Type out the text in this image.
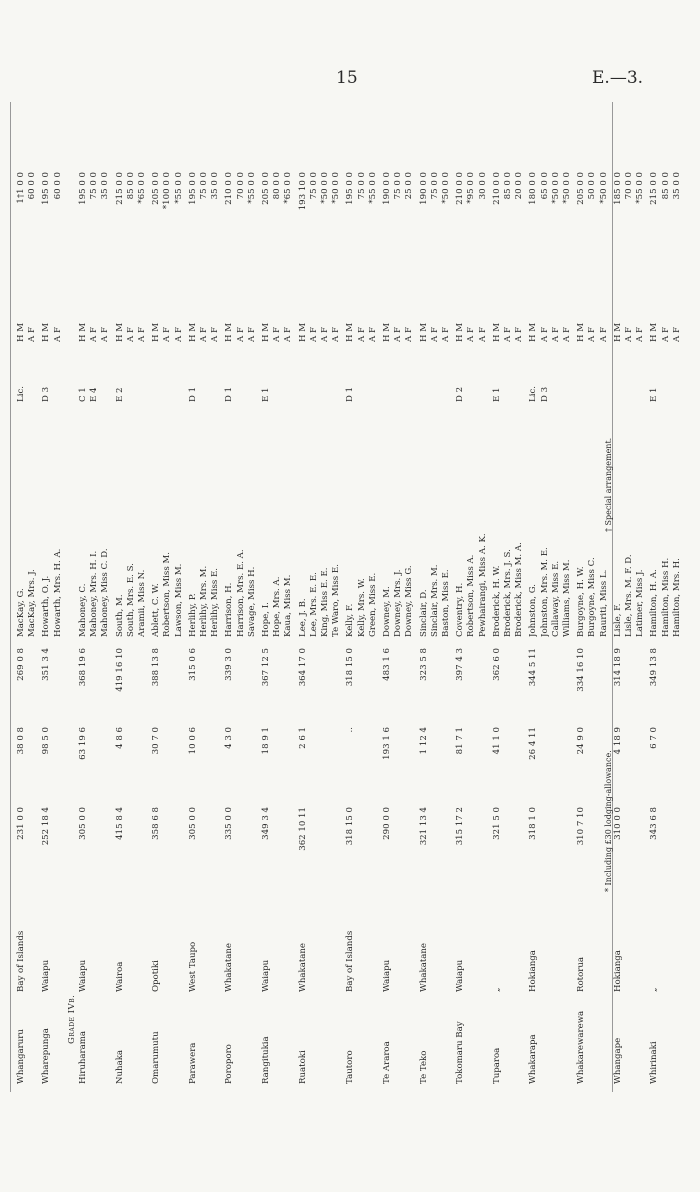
15	E.—3.
Grade IVb.
* Including £30 lodging-allowance.
† Special arrangement.
Whangaruru
Bay of Islands
231 0 0
38 0 8
269 0 8
MacKay, G.
Lic.
H M
1†1 0 0
MacKay, Mrs. J.
A F
60 0 0
Wharepunga
Waiapu
252 18 4
98 5 0
351 3 4
Howarth, O. J.
D 3
H M
195 0 0
Howarth, Mrs. H. A.
A F
60 0 0
Hiruharama
Waiapu
305 0 0
63 19 6
368 19 6
Mahoney, C.
C 1
H M
195 0 0
Mahoney, Mrs. H. I.
E 4
A F
75 0 0
Mahoney, Miss C. D.
A F
35 0 0
Nuhaka
Wairoa
415 8 4
4 8 6
419 16 10
South, M.
E 2
H M
215 0 0
South, Mrs. E. S.
A F
85 0 0
Aramii, Miss N.
A F
*65 0 0
Omarumutu
Opotiki
358 6 8
30 7 0
388 13 8
Ablett, C. W.
H M
205 0 0
Robertson, Miss M.
A F
*100 0 0
Lawson, Miss M.
A F
*55 0 0
Parawera
West Taupo
305 0 0
10 0 6
315 0 6
Herlihy, P.
D 1
H M
195 0 0
Herlihy, Mrs. M.
A F
75 0 0
Herlihy, Miss E.
A F
35 0 0
Poroporo
Whakatane
335 0 0
4 3 0
339 3 0
Harrison, H.
D 1
H M
210 0 0
Harrison, Mrs. E. A.
A F
70 0 0
Savage, Miss H.
A F
*55 0 0
Rangitukia
Waiapu
349 3 4
18 9 1
367 12 5
Hope, I.
E 1
H M
205 0 0
Hope, Mrs. A.
A F
80 0 0
Kaua, Miss M.
A F
*65 0 0
Ruatoki
Whakatane
362 10 11
2 6 1
364 17 0
Lee, J. B.
H M
193 10 0
Lee, Mrs. E. E.
A F
75 0 0
King, Miss E. E.
A F
*50 0 0
Te Waro, Miss E.
A F
*50 0 0
Tautoro
Bay of Islands
318 15 0
..
318 15 0
Kelly, F.
D 1
H M
195 0 0
Kelly, Mrs. W.
A F
75 0 0
Green, Miss E.
A F
*55 0 0
Te Araroa
Waiapu
290 0 0
193 1 6
483 1 6
Downey, M.
H M
190 0 0
Downey, Mrs. J.
A F
75 0 0
Downey, Miss G.
A F
25 0 0
Te Teko
Whakatane
321 13 4
1 12 4
323 5 8
Sinclair, D.
H M
190 0 0
Sinclair, Mrs. M.
A F
75 0 0
Baston, Miss E.
A F
*50 0 0
Tokomaru Bay
Waiapu
315 17 2
81 7 1
397 4 3
Coventry, H.
D 2
H M
210 0 0
Robertson, Miss A.
A F
*95 0 0
Pewhairangi, Miss A. K.
A F
30 0 0
Tuparoa
„
321 5 0
41 1 0
362 6 0
Broderick, H. W.
E 1
H M
210 0 0
Broderick, Mrs. J. S.
A F
85 0 0
Broderick, Miss M. A.
A F
20 0 0
Whakarapa
Hokianga
318 1 0
26 4 11
344 5 11
Johnston, G.
Lic.
H M
180 0 0
Johnston, Mrs. M. E.
D 3
A F
65 0 0
Callaway, Miss E.
A F
*50 0 0
Williams, Miss M.
A F
*50 0 0
Whakarewarewa
Rotorua
310 7 10
24 9 0
334 16 10
Burgoyne, H. W.
H M
205 0 0
Burgoyne, Miss C.
A F
50 0 0
Rauriti, Miss L.
A F
*50 0 0
Whangape
Hokianga
310 0 0
4 18 9
314 18 9
Lisle, F.
H M
185 0 0
Lisle, Mrs. M. F. D.
A F
70 0 0
Latimer, Miss J.
A F
*55 0 0
Whirinaki
„
343 6 8
6 7 0
349 13 8
Hamilton, H. A.
E 1
H M
215 0 0
Hamilton, Miss H.
A F
85 0 0
Hamilton, Mrs. H.
A F
35 0 0
